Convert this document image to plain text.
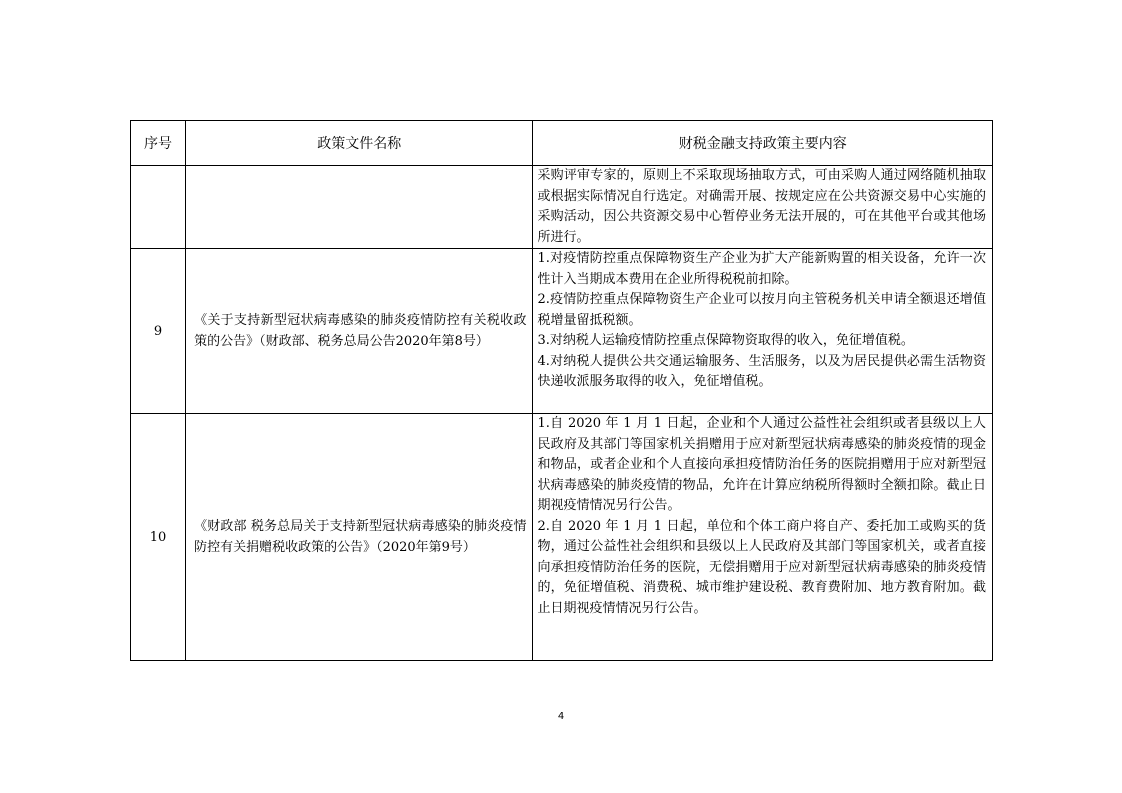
序号	政策文件名称	财税金融支持政策主要内容

		采购评审专家的，原则上不采取现场抽取方式，可由采购人通过网络随机抽取或根据实际情况自行选定。对确需开展、按规定应在公共资源交易中心实施的采购活动，因公共资源交易中心暂停业务无法开展的，可在其他平台或其他场所进行。

9	《关于支持新型冠状病毒感染的肺炎疫情防控有关税收政策的公告》（财政部、税务总局公告2020年第8号）	1.对疫情防控重点保障物资生产企业为扩大产能新购置的相关设备，允许一次性计入当期成本费用在企业所得税税前扣除。

2.疫情防控重点保障物资生产企业可以按月向主管税务机关申请全额退还增值税增量留抵税额。

3.对纳税人运输疫情防控重点保障物资取得的收入，免征增值税。

4.对纳税人提供公共交通运输服务、生活服务，以及为居民提供必需生活物资快递收派服务取得的收入，免征增值税。

10	《财政部 税务总局关于支持新型冠状病毒感染的肺炎疫情防控有关捐赠税收政策的公告》（2020年第9号）	1.自 2020 年 1 月 1 日起，企业和个人通过公益性社会组织或者县级以上人民政府及其部门等国家机关捐赠用于应对新型冠状病毒感染的肺炎疫情的现金和物品，或者企业和个人直接向承担疫情防治任务的医院捐赠用于应对新型冠状病毒感染的肺炎疫情的物品，允许在计算应纳税所得额时全额扣除。截止日期视疫情情况另行公告。

2.自 2020 年 1 月 1 日起，单位和个体工商户将自产、委托加工或购买的货物，通过公益性社会组织和县级以上人民政府及其部门等国家机关，或者直接向承担疫情防治任务的医院，无偿捐赠用于应对新型冠状病毒感染的肺炎疫情的，免征增值税、消费税、城市维护建设税、教育费附加、地方教育附加。截止日期视疫情情况另行公告。

4
